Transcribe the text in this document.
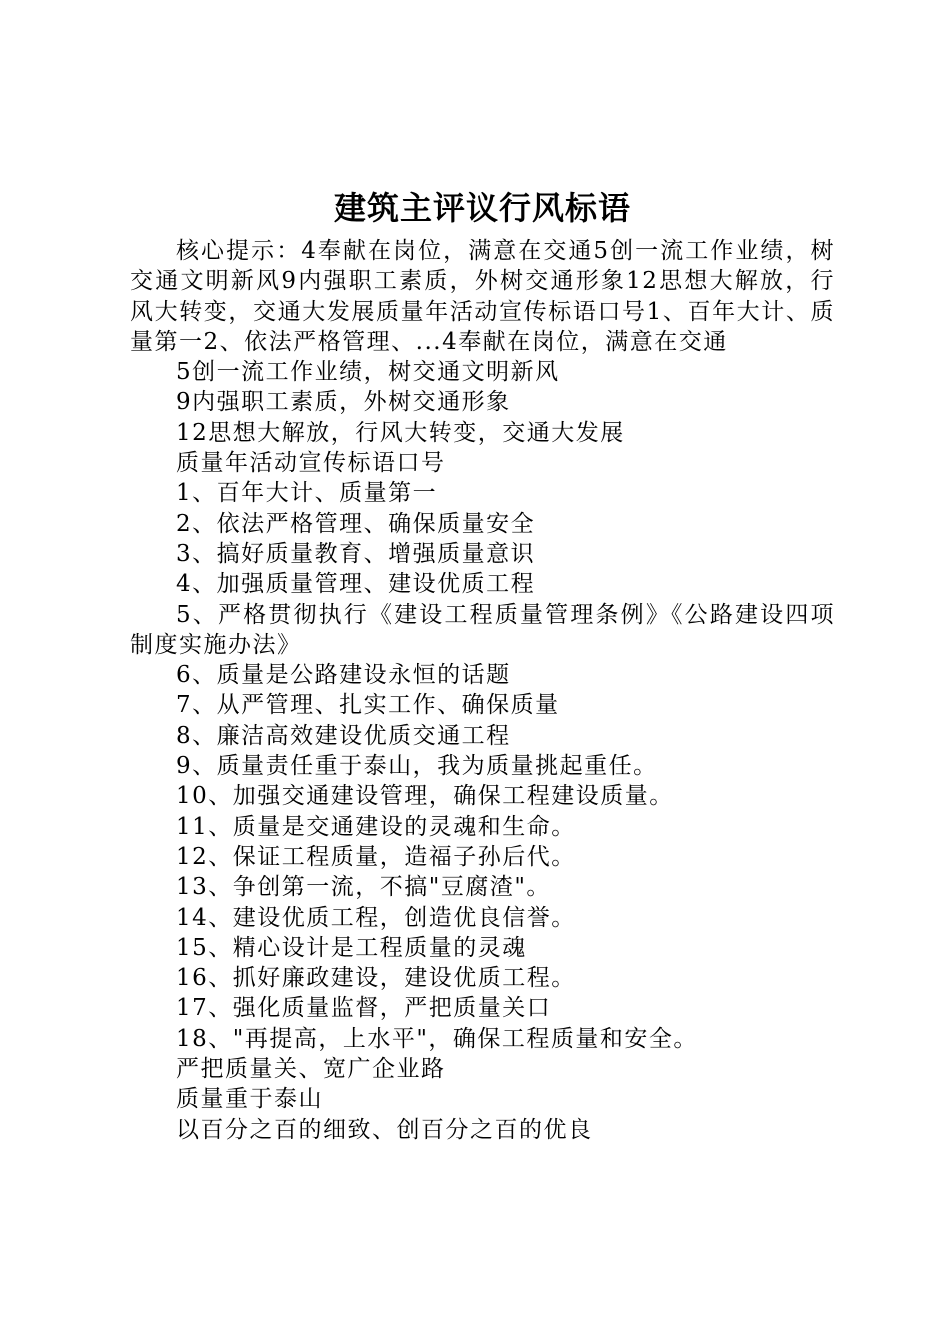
建筑主评议行风标语

核心提示：4奉献在岗位，满意在交通5创一流工作业绩，树交通文明新风9内强职工素质，外树交通形象12思想大解放，行风大转变，交通大发展质量年活动宣传标语口号1、百年大计、质量第一2、依法严格管理、...4奉献在岗位，满意在交通

5创一流工作业绩，树交通文明新风

9内强职工素质，外树交通形象

12思想大解放，行风大转变，交通大发展

质量年活动宣传标语口号

1、百年大计、质量第一

2、依法严格管理、确保质量安全

3、搞好质量教育、增强质量意识

4、加强质量管理、建设优质工程

5、严格贯彻执行《建设工程质量管理条例》《公路建设四项制度实施办法》

6、质量是公路建设永恒的话题

7、从严管理、扎实工作、确保质量

8、廉洁高效建设优质交通工程

9、质量责任重于泰山，我为质量挑起重任。

10、加强交通建设管理，确保工程建设质量。

11、质量是交通建设的灵魂和生命。

12、保证工程质量，造福子孙后代。

13、争创第一流，不搞"豆腐渣"。

14、建设优质工程，创造优良信誉。

15、精心设计是工程质量的灵魂

16、抓好廉政建设，建设优质工程。

17、强化质量监督，严把质量关口

18、"再提高，上水平"，确保工程质量和安全。

严把质量关、宽广企业路

质量重于泰山

以百分之百的细致、创百分之百的优良
